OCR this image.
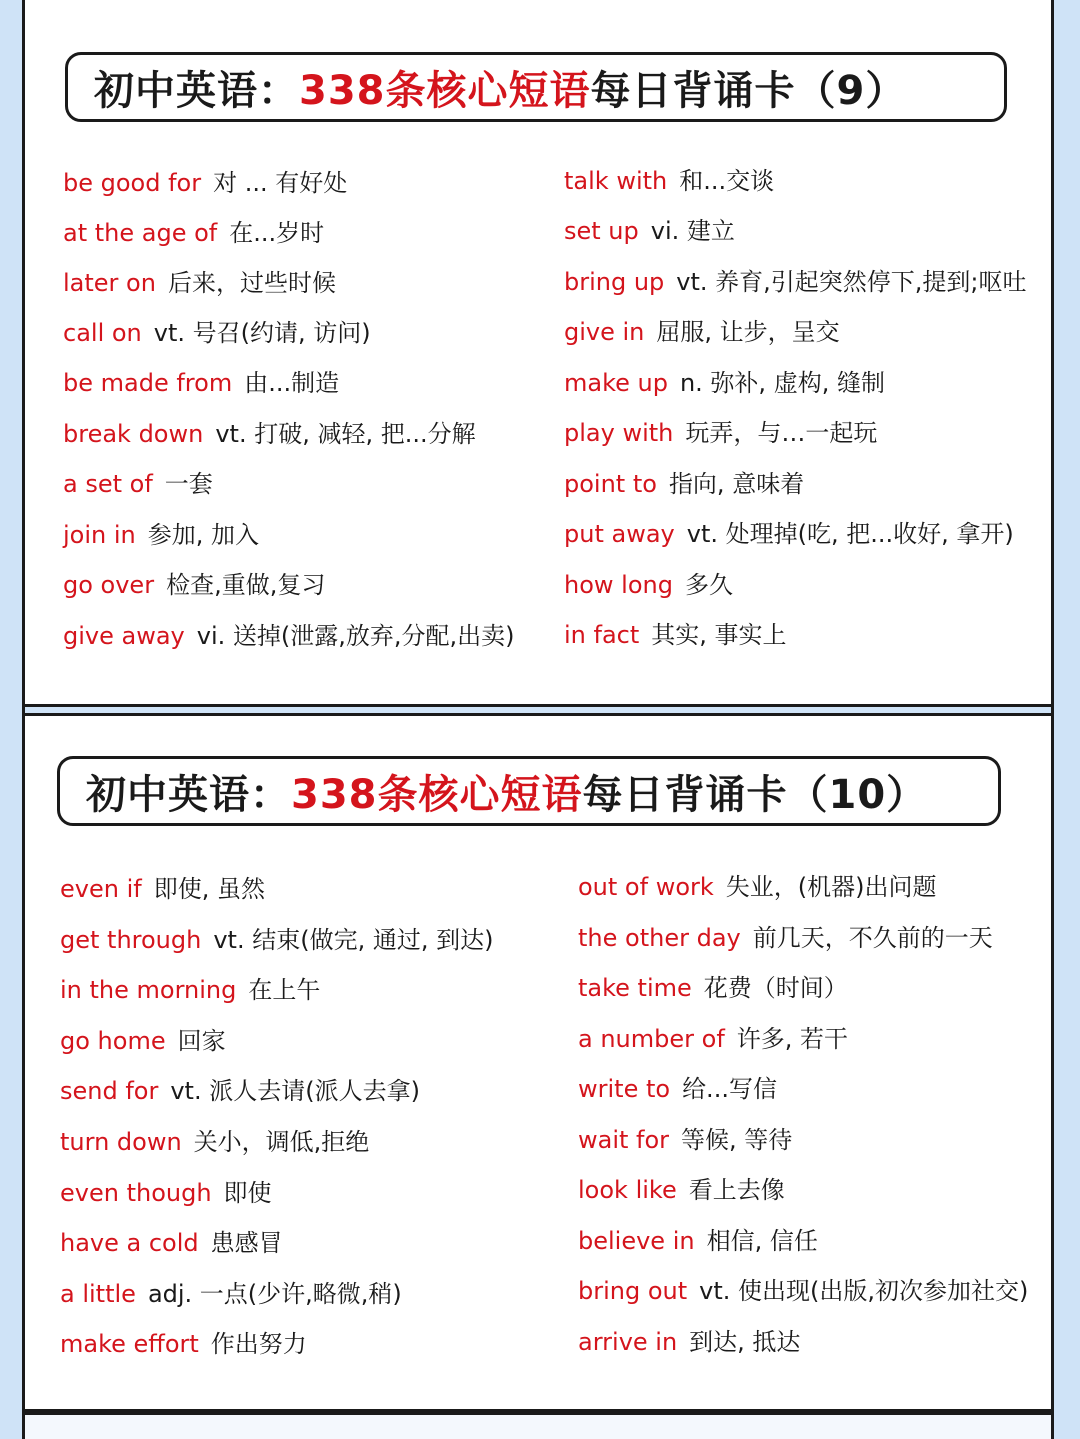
初中英语： 338条核心短语 每日背诵卡（9）
be good for 对 ... 有好处
at the age of 在...岁时
later on 后来，过些时候
call on vt. 号召(约请, 访问)
be made from 由...制造
break down vt. 打破, 减轻, 把...分解
a set of 一套
join in 参加, 加入
go over 检查,重做,复习
give away vi. 送掉(泄露,放弃,分配,出卖)
talk with 和...交谈
set up vi. 建立
bring up vt. 养育,引起突然停下,提到;呕吐
give in 屈服, 让步，呈交
make up n. 弥补, 虚构, 缝制
play with 玩弄，与…一起玩
point to 指向, 意味着
put away vt. 处理掉(吃, 把...收好, 拿开)
how long 多久
in fact 其实, 事实上
初中英语： 338条核心短语 每日背诵卡（10）
even if 即使, 虽然
get through vt. 结束(做完, 通过, 到达)
in the morning 在上午
go home 回家
send for vt. 派人去请(派人去拿)
turn down 关小，调低,拒绝
even though 即使
have a cold 患感冒
a little adj. 一点(少许,略微,稍)
make effort 作出努力
out of work 失业，(机器)出问题
the other day 前几天，不久前的一天
take time 花费（时间）
a number of 许多, 若干
write to 给...写信
wait for 等候, 等待
look like 看上去像
believe in 相信, 信任
bring out vt. 使出现(出版,初次参加社交)
arrive in 到达, 抵达
